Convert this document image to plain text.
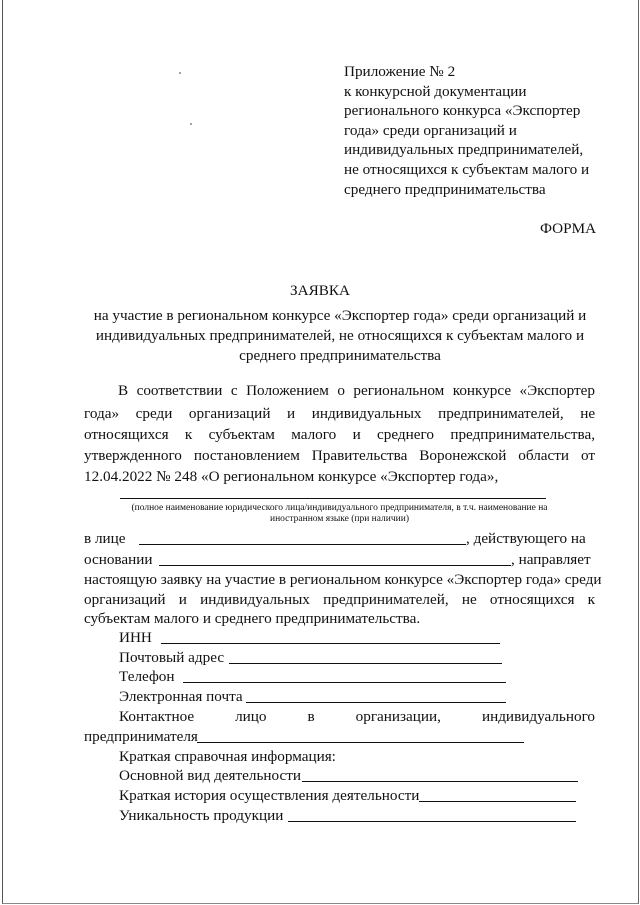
Приложение № 2
к конкурсной документации
регионального конкурса «Экспортер
года» среди организаций и
индивидуальных предпринимателей,
не относящихся к субъектам малого и
среднего предпринимательства
ФОРМА
ЗАЯВКА
на участие в региональном конкурсе «Экспортер года» среди организаций и
индивидуальных предпринимателей, не относящихся к субъектам малого и
среднего предпринимательства
В соответствии с Положением о региональном конкурсе «Экспортер
года» среди организаций и индивидуальных предпринимателей, не
относящихся к субъектам малого и среднего предпринимательства,
утвержденного постановлением Правительства Воронежской области от
12.04.2022 № 248 «О региональном конкурсе «Экспортер года»,
(полное наименование юридического лица/индивидуального предпринимателя, в т.ч. наименование на
иностранном языке (при наличии)
в лице	, действующего на
основании	, направляет
настоящую заявку на участие в региональном конкурсе «Экспортер года» среди
организаций и индивидуальных предпринимателей, не относящихся к
субъектам малого и среднего предпринимательства.
ИНН
Почтовый адрес
Телефон
Электронная почта
Контактное	лицо	в	организации,	индивидуального
предпринимателя
Краткая справочная информация:
Основной вид деятельности
Краткая история осуществления деятельности
Уникальность продукции
